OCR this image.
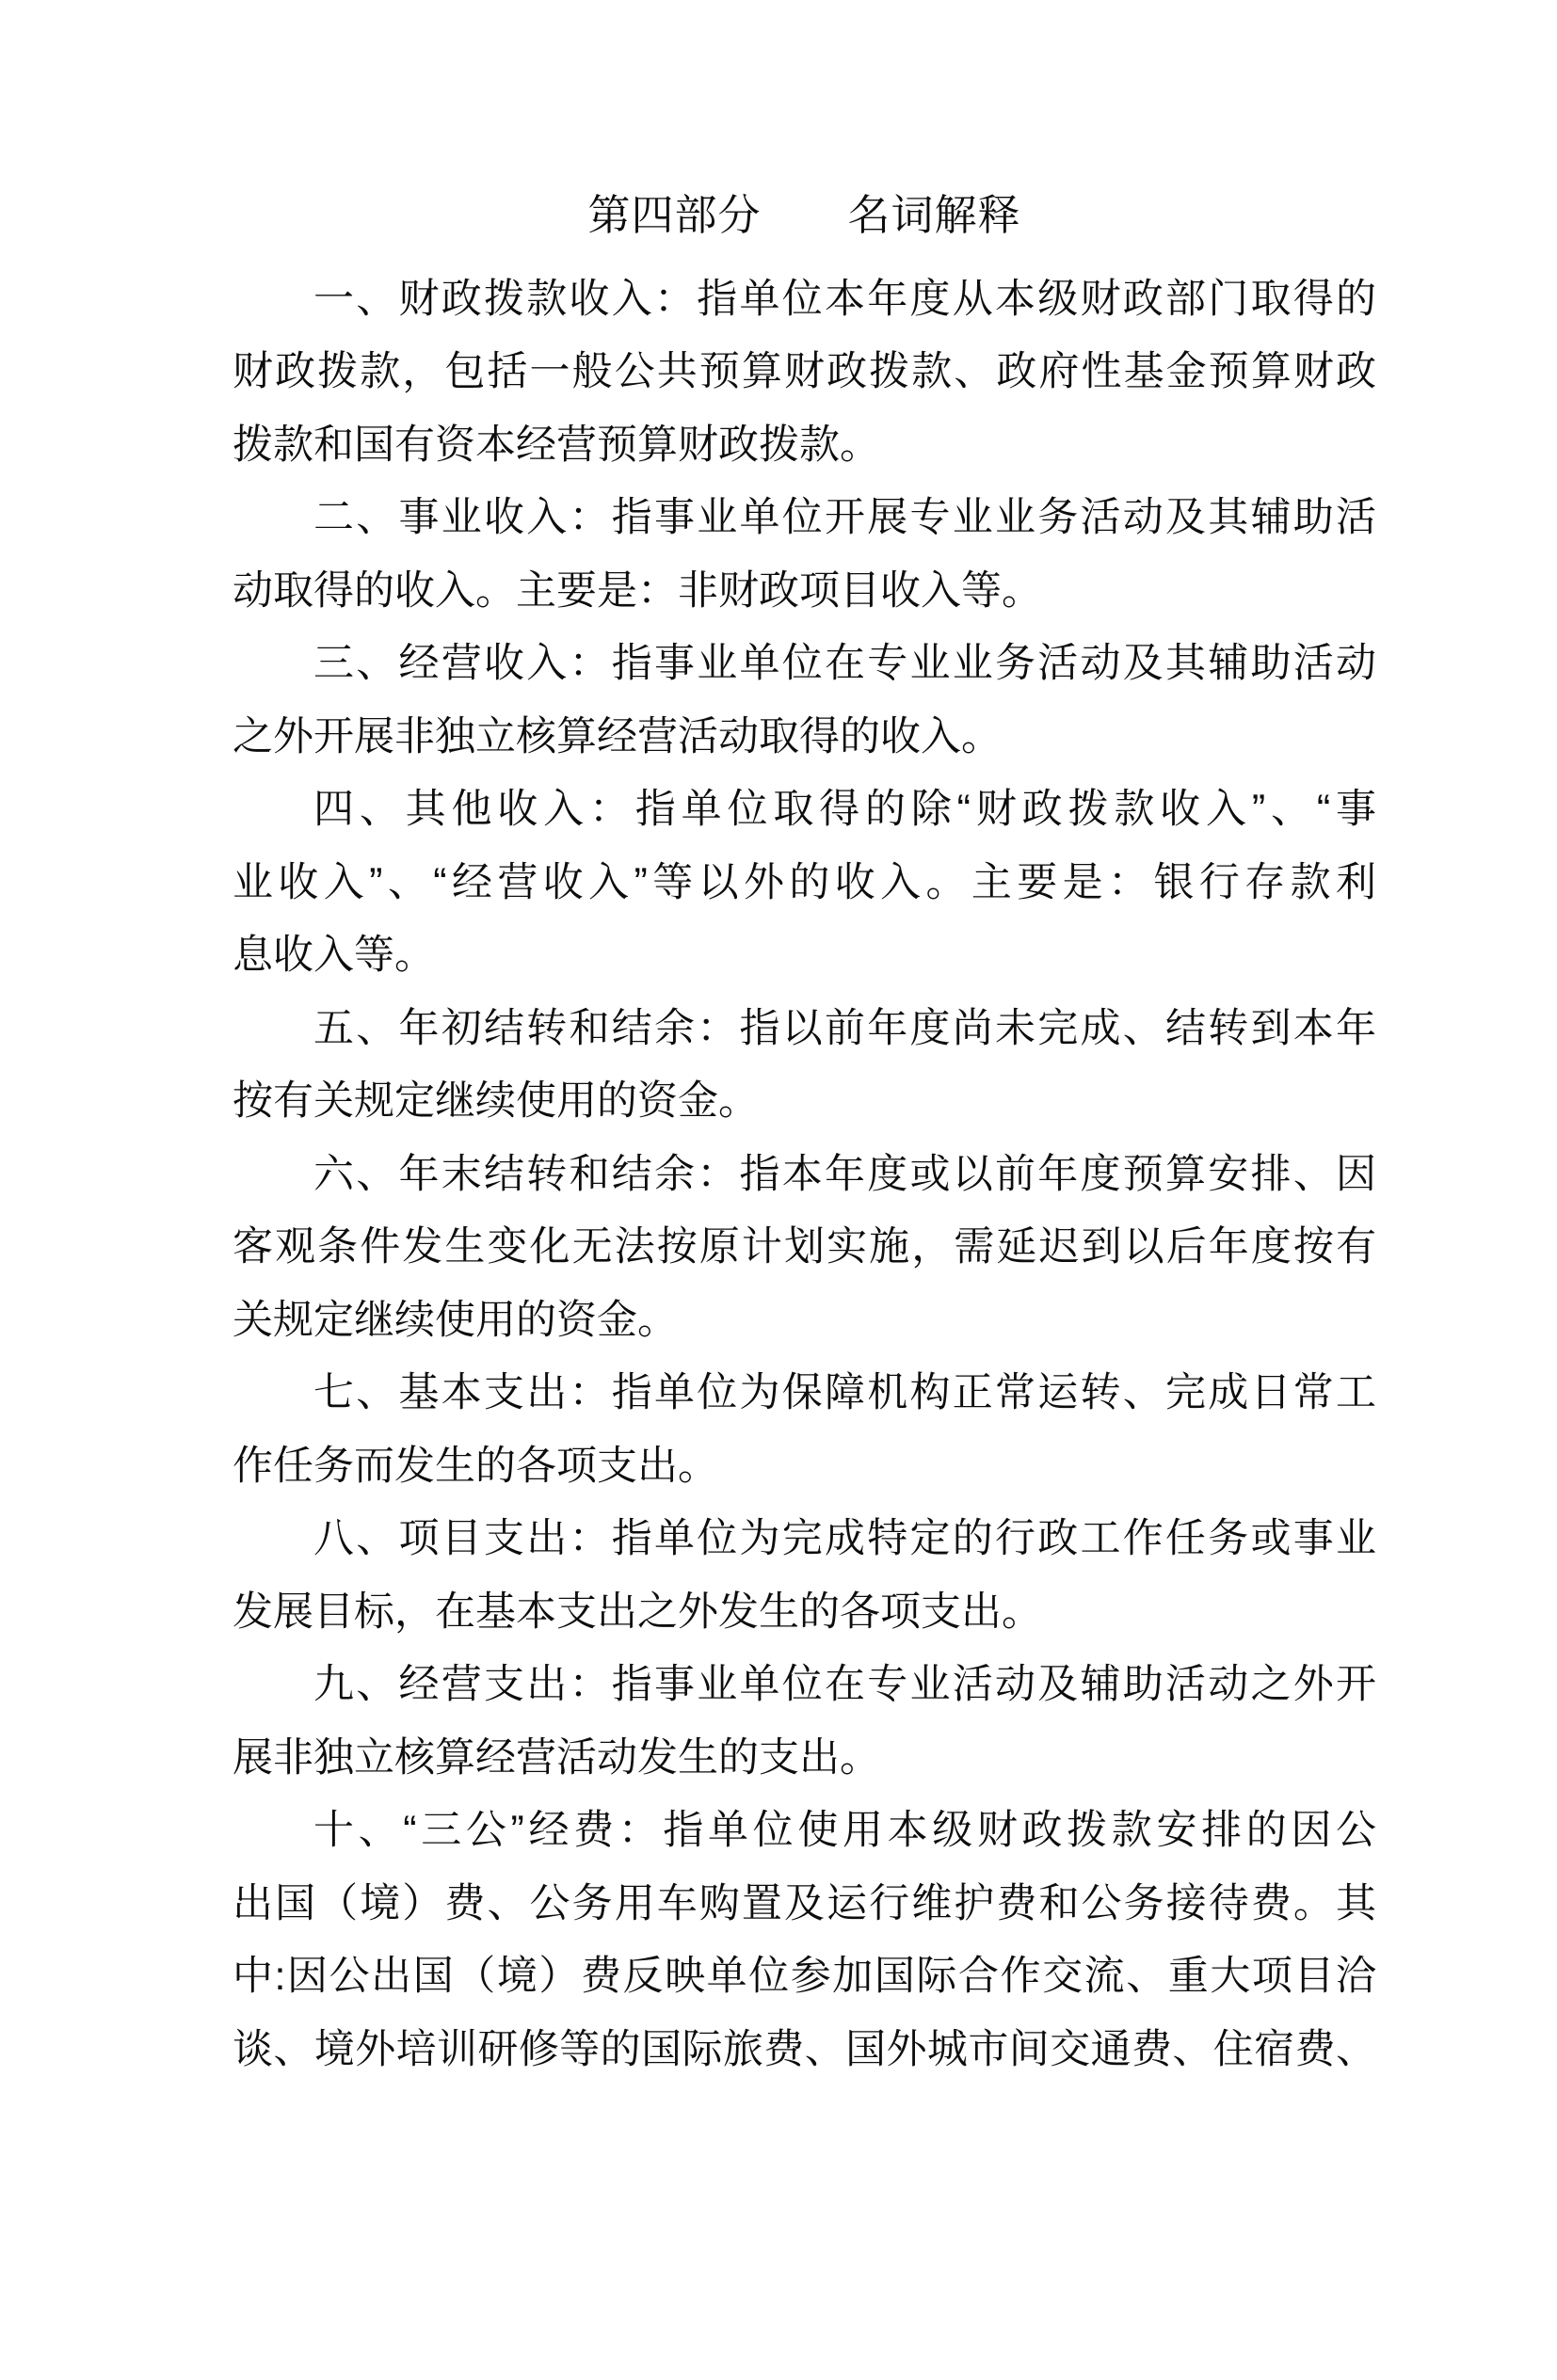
第四部分　　名词解释
一、财政拨款收入：指单位本年度从本级财政部门取得的
财政拨款，包括一般公共预算财政拨款、政府性基金预算财政
拨款和国有资本经营预算财政拨款。
二、事业收入：指事业单位开展专业业务活动及其辅助活
动取得的收入。主要是：非财政项目收入等。
三、经营收入：指事业单位在专业业务活动及其辅助活动
之外开展非独立核算经营活动取得的收入。
四、其他收入：指单位取得的除“财政拨款收入”、“事
业收入”、“经营收入”等以外的收入。主要是：银行存款利
息收入等。
五、年初结转和结余：指以前年度尚未完成、结转到本年
按有关规定继续使用的资金。
六、年末结转和结余：指本年度或以前年度预算安排、因
客观条件发生变化无法按原计划实施，需延迟到以后年度按有
关规定继续使用的资金。
七、基本支出：指单位为保障机构正常运转、完成日常工
作任务而发生的各项支出。
八、项目支出：指单位为完成特定的行政工作任务或事业
发展目标，在基本支出之外发生的各项支出。
九、经营支出：指事业单位在专业活动及辅助活动之外开
展非独立核算经营活动发生的支出。
十、“三公”经费：指单位使用本级财政拨款安排的因公
出国（境）费、公务用车购置及运行维护费和公务接待费。其
中:因公出国（境）费反映单位参加国际合作交流、重大项目洽
谈、境外培训研修等的国际旅费、国外城市间交通费、住宿费、
